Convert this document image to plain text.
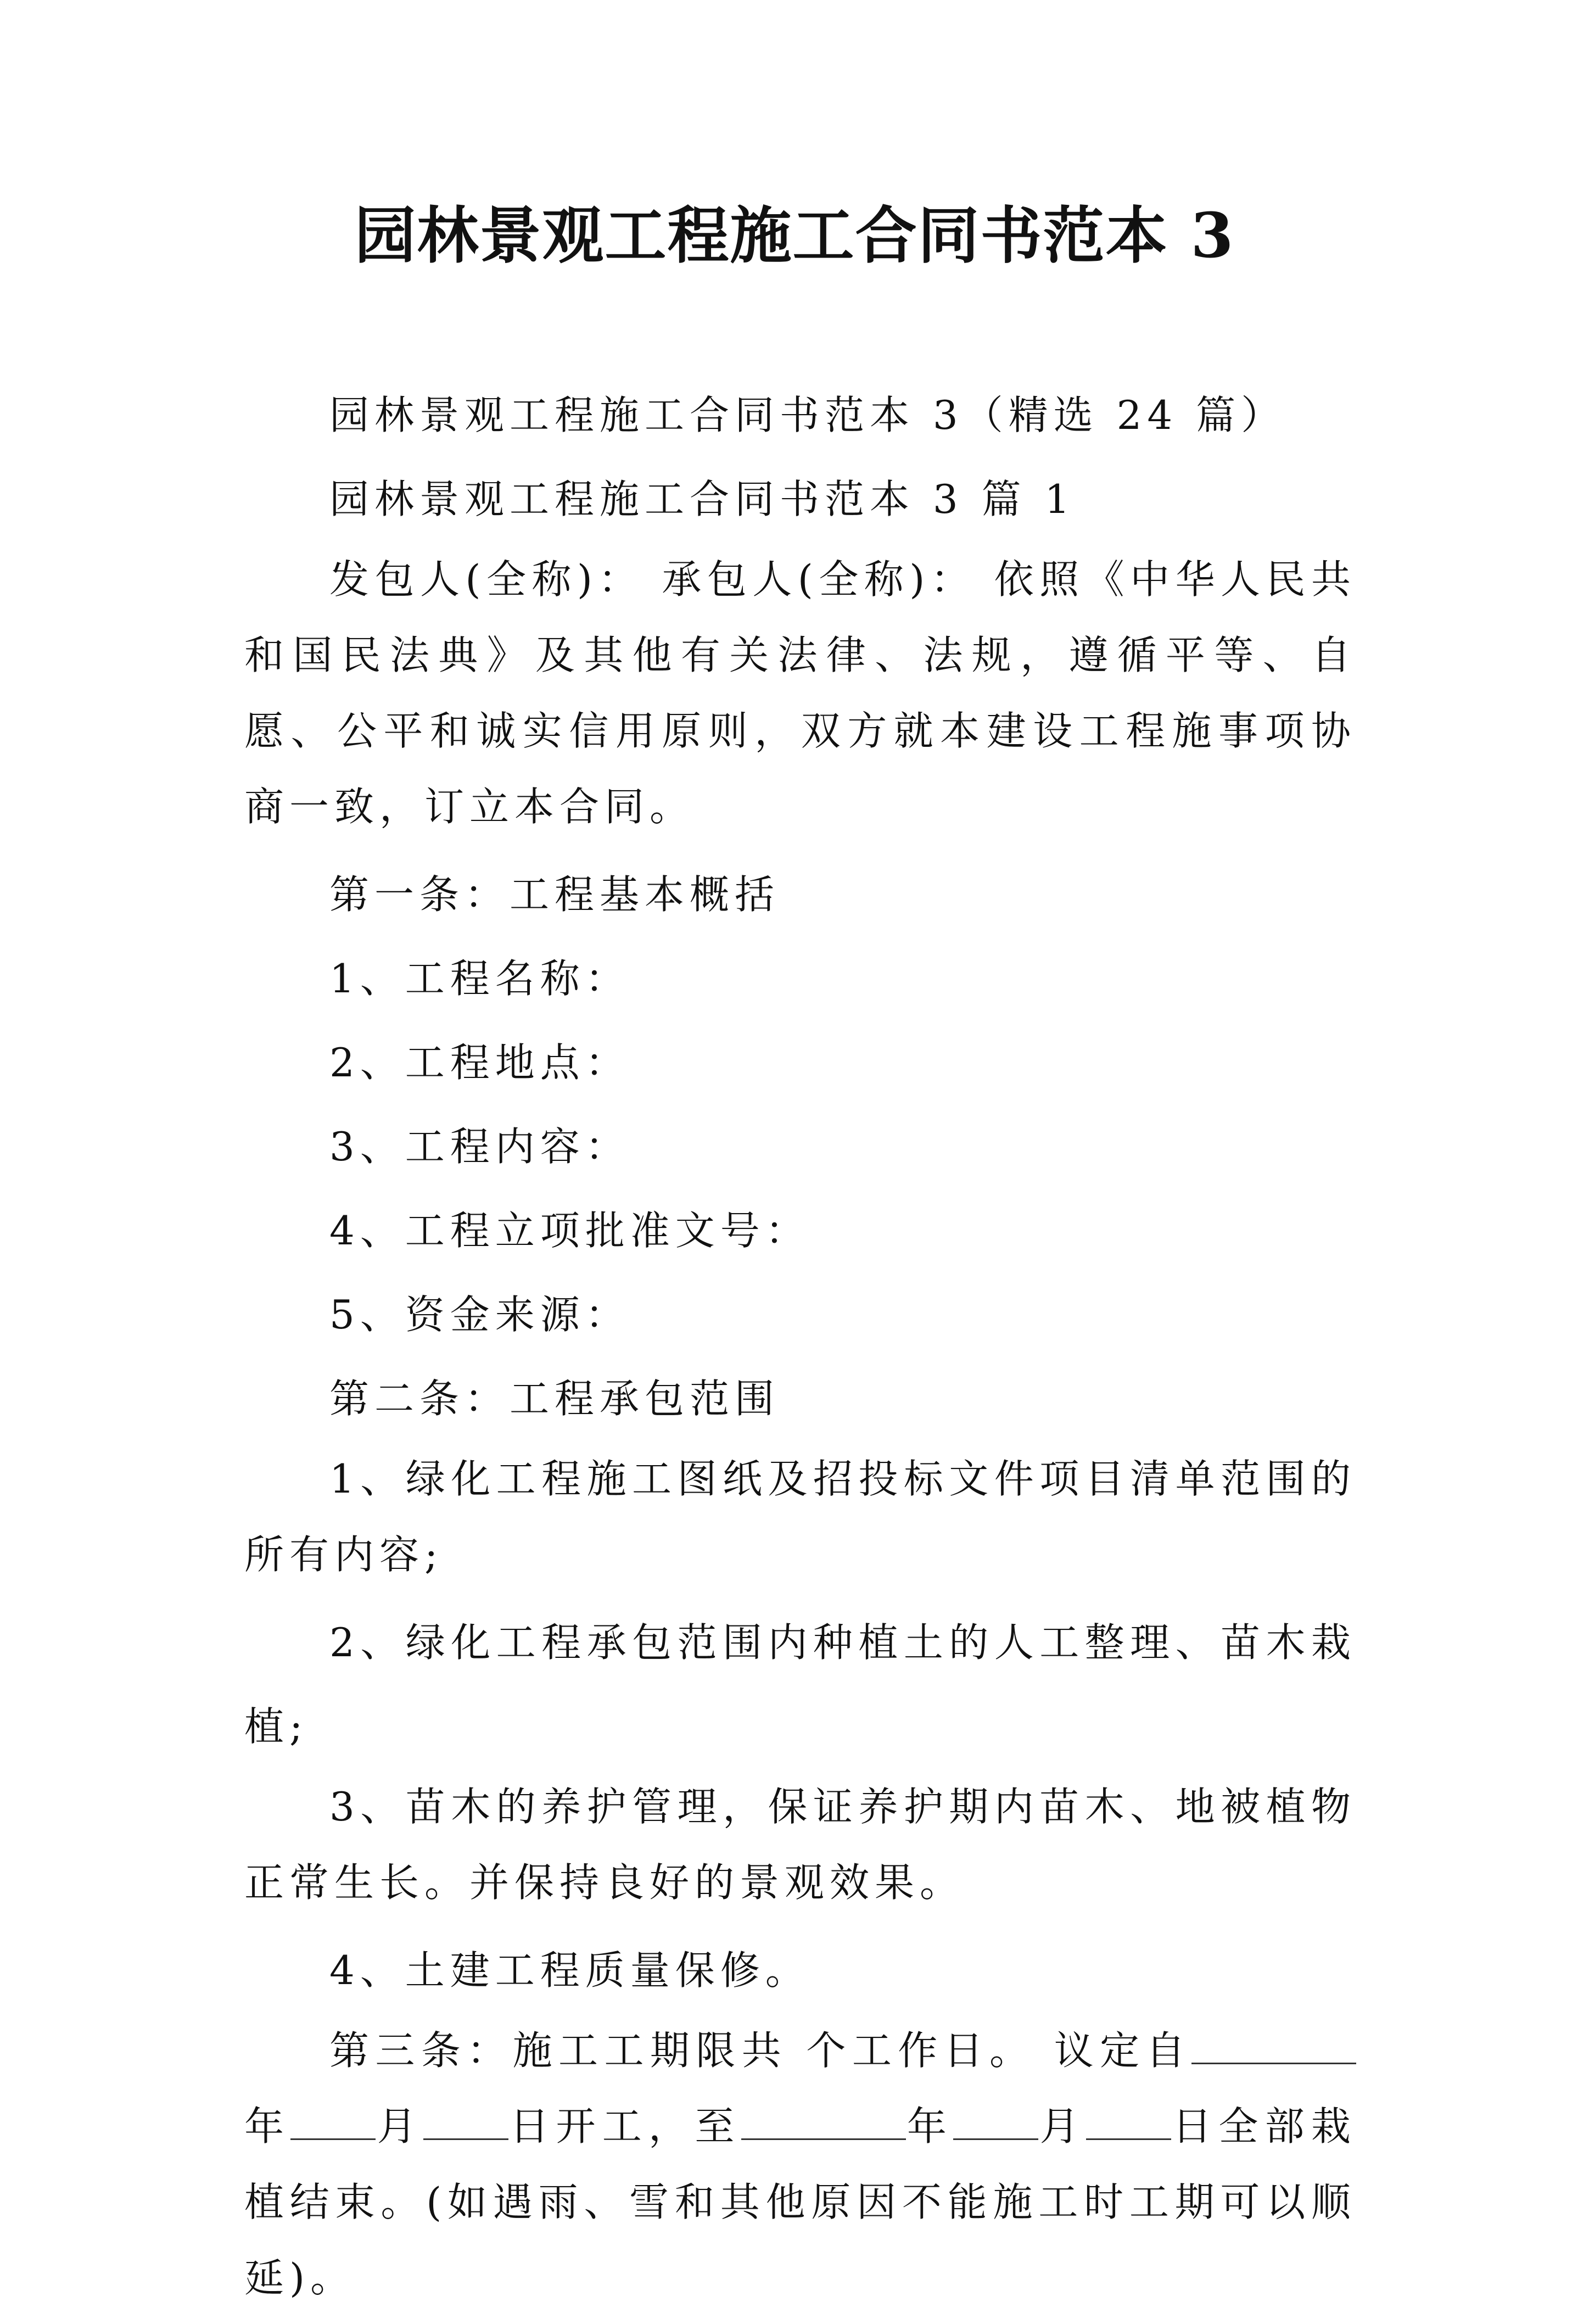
园林景观工程施工合同书范本 3

园林景观工程施工合同书范本 3（精选 24 篇）

园林景观工程施工合同书范本 3 篇 1

发包人(全称)： 承包人(全称)： 依照《中华人民共和国民法典》及其他有关法律、法规，遵循平等、自愿、公平和诚实信用原则，双方就本建设工程施事项协商一致，订立本合同。

第一条：工程基本概括

1、工程名称：

2、工程地点：

3、工程内容：

4、工程立项批准文号：

5、资金来源：

第二条：工程承包范围

1、绿化工程施工图纸及招投标文件项目清单范围的所有内容;

2、绿化工程承包范围内种植土的人工整理、苗木栽植;

3、苗木的养护管理，保证养护期内苗木、地被植物正常生长。并保持良好的景观效果。

4、土建工程质量保修。

第三条：施工工期限共 个工作日。 议定自年 月 日开工，至	年 月 日全部栽植结束。(如遇雨、雪和其他原因不能施工时工期可以顺延)。
